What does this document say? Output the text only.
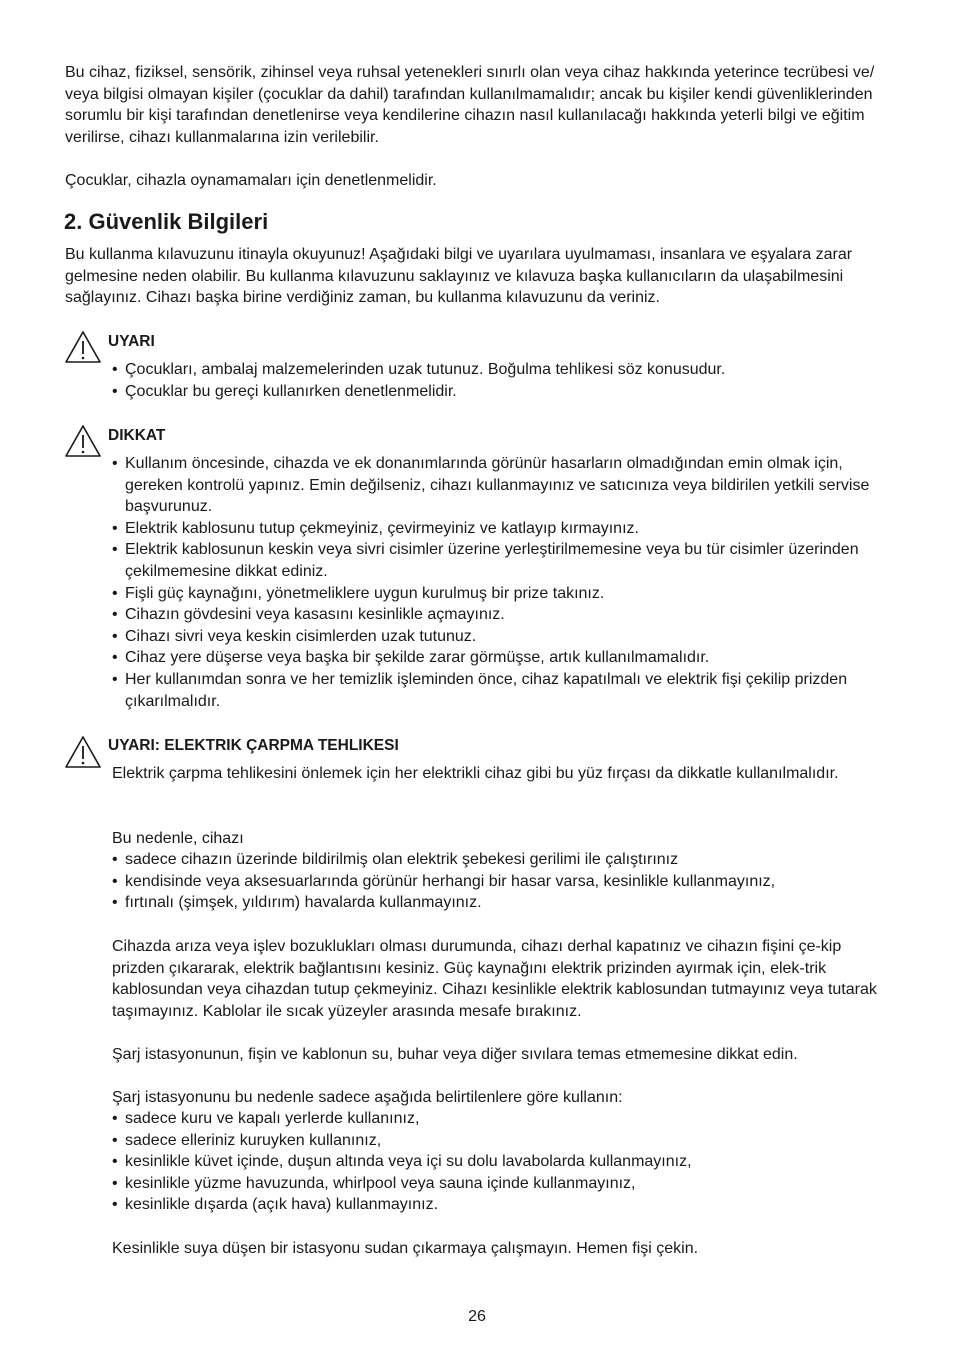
Bu cihaz, fiziksel, sensörik, zihinsel veya ruhsal yetenekleri sınırlı olan veya cihaz hakkında yeterince tecrübesi ve/ veya bilgisi olmayan kişiler (çocuklar da dahil) tarafından kullanılmamalıdır; ancak bu kişiler kendi güvenliklerinden sorumlu bir kişi tarafından denetlenirse veya kendilerine cihazın nasıl kullanılacağı hakkında yeterli bilgi ve eğitim verilirse, cihazı kullanmalarına izin verilebilir.

Çocuklar, cihazla oynamamaları için denetlenmelidir.

2. Güvenlik Bilgileri

Bu kullanma kılavuzunu itinayla okuyunuz! Aşağıdaki bilgi ve uyarılara uyulmaması, insanlara ve eşyalara zarar gelmesine neden olabilir. Bu kullanma kılavuzunu saklayınız ve kılavuza başka kullanıcıların da ulaşabilmesini sağlayınız. Cihazı başka birine verdiğiniz zaman, bu kullanma kılavuzunu da veriniz.

UYARI
• Çocukları, ambalaj malzemelerinden uzak tutunuz. Boğulma tehlikesi söz konusudur.
• Çocuklar bu gereçi kullanırken denetlenmelidir.
DIKKAT
• Kullanım öncesinde, cihazda ve ek donanımlarında görünür hasarların olmadığından emin olmak için, gereken kontrolü yapınız. Emin değilseniz, cihazı kullanmayınız ve satıcınıza veya bildirilen yetkili servise başvurunuz.
• Elektrik kablosunu tutup çekmeyiniz, çevirmeyiniz ve katlayıp kırmayınız.
• Elektrik kablosunun keskin veya sivri cisimler üzerine yerleştirilmemesine veya bu tür cisimler üzerinden çekilmemesine dikkat ediniz.
• Fişli güç kaynağını, yönetmeliklere uygun kurulmuş bir prize takınız.
• Cihazın gövdesini veya kasasını kesinlikle açmayınız.
• Cihazı sivri veya keskin cisimlerden uzak tutunuz.
• Cihaz yere düşerse veya başka bir şekilde zarar görmüşse, artık kullanılmamalıdır.
• Her kullanımdan sonra ve her temizlik işleminden önce, cihaz kapatılmalı ve elektrik fişi çekilip prizden çıkarılmalıdır.
UYARI: ELEKTRIK ÇARPMA TEHLIKESI

Elektrik çarpma tehlikesini önlemek için her elektrikli cihaz gibi bu yüz fırçası da dikkatle kullanılmalıdır.

Bu nedenle, cihazı

• sadece cihazın üzerinde bildirilmiş olan elektrik şebekesi gerilimi ile çalıştırınız
• kendisinde veya aksesuarlarında görünür herhangi bir hasar varsa, kesinlikle kullanmayınız,
• fırtınalı (şimşek, yıldırım) havalarda kullanmayınız.

Cihazda arıza veya işlev bozuklukları olması durumunda, cihazı derhal kapatınız ve cihazın fişini çe-kip prizden çıkararak, elektrik bağlantısını kesiniz. Güç kaynağını elektrik prizinden ayırmak için, elek-trik kablosundan veya cihazdan tutup çekmeyiniz. Cihazı kesinlikle elektrik kablosundan tutmayınız veya tutarak taşımayınız. Kablolar ile sıcak yüzeyler arasında mesafe bırakınız.

Şarj istasyonunun, fişin ve kablonun su, buhar veya diğer sıvılara temas etmemesine dikkat edin.

Şarj istasyonunu bu nedenle sadece aşağıda belirtilenlere göre kullanın:

• sadece kuru ve kapalı yerlerde kullanınız,
• sadece elleriniz kuruyken kullanınız,
• kesinlikle küvet içinde, duşun altında veya içi su dolu lavabolarda kullanmayınız,
• kesinlikle yüzme havuzunda, whirlpool veya sauna içinde kullanmayınız,
• kesinlikle dışarda (açık hava) kullanmayınız.

Kesinlikle suya düşen bir istasyonu sudan çıkarmaya çalışmayın. Hemen fişi çekin.

26
